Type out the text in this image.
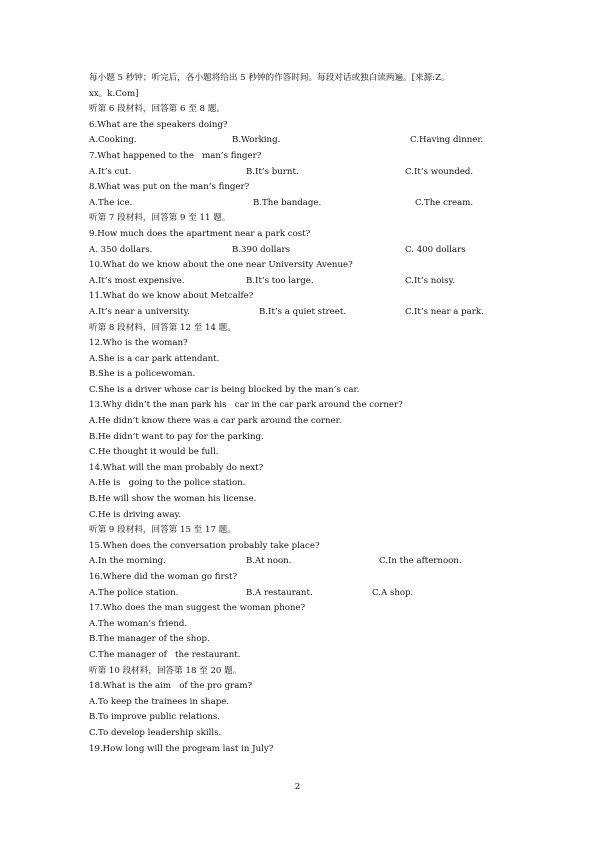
每小题 5 秒钟；听完后，各小题将给出 5 秒钟的作答时间。每段对话或独白读两遍。[来源:Z。
xx。k.Com]
听第 6 段材料，回答第 6 至 8 题。
6.What are the speakers doing?
A.Cooking.	B.Working.	C.Having dinner.
7.What happened to the   man’s finger?
A.It’s cut.	B.It’s burnt.	C.It’s wounded.
8.What was put on the man’s finger?
A.The ice.	B.The bandage.	C.The cream.
听第 7 段材料，回答第 9 至 11 题。
9.How much does the apartment near a park cost?
A. 350 dollars.	B.390 dollars	C. 400 dollars
10.What do we know about the one near University Avenue?
A.It’s most expensive.	B.It’s too large.	C.It’s noisy.
11.What do we know about Metcalfe?
A.It’s near a university.	B.It’s a quiet street.	C.It’s near a park.
听第 8 段材料，回答第 12 至 14 题。
12.Who is the woman?
A.She is a car park attendant.
B.She is a policewoman.
C.She is a driver whose car is being blocked by the man’s car.
13.Why didn’t the man park his   car in the car park around the corner?
A.He didn’t know there was a car park around the corner.
B.He didn’t want to pay for the parking.
C.He thought it would be full.
14.What will the man probably do next?
A.He is   going to the police station.
B.He will show the woman his license.
C.He is driving away.
听第 9 段材料，回答第 15 至 17 题。
15.When does the conversation probably take place?
A.In the morning.	B.At noon.	C.In the afternoon.
16.Where did the woman go first?
A.The police station.	B.A restaurant.	C.A shop.
17.Who does the man suggest the woman phone?
A.The woman’s friend.
B.The manager of the shop.
C.The manager of   the restaurant.
听第 10 段材料，回答第 18 至 20 题。
18.What is the aim   of the pro gram?
A.To keep the trainees in shape.
B.To improve public relations.
C.To develop leadership skills.
19.How long will the program last in July?
2
